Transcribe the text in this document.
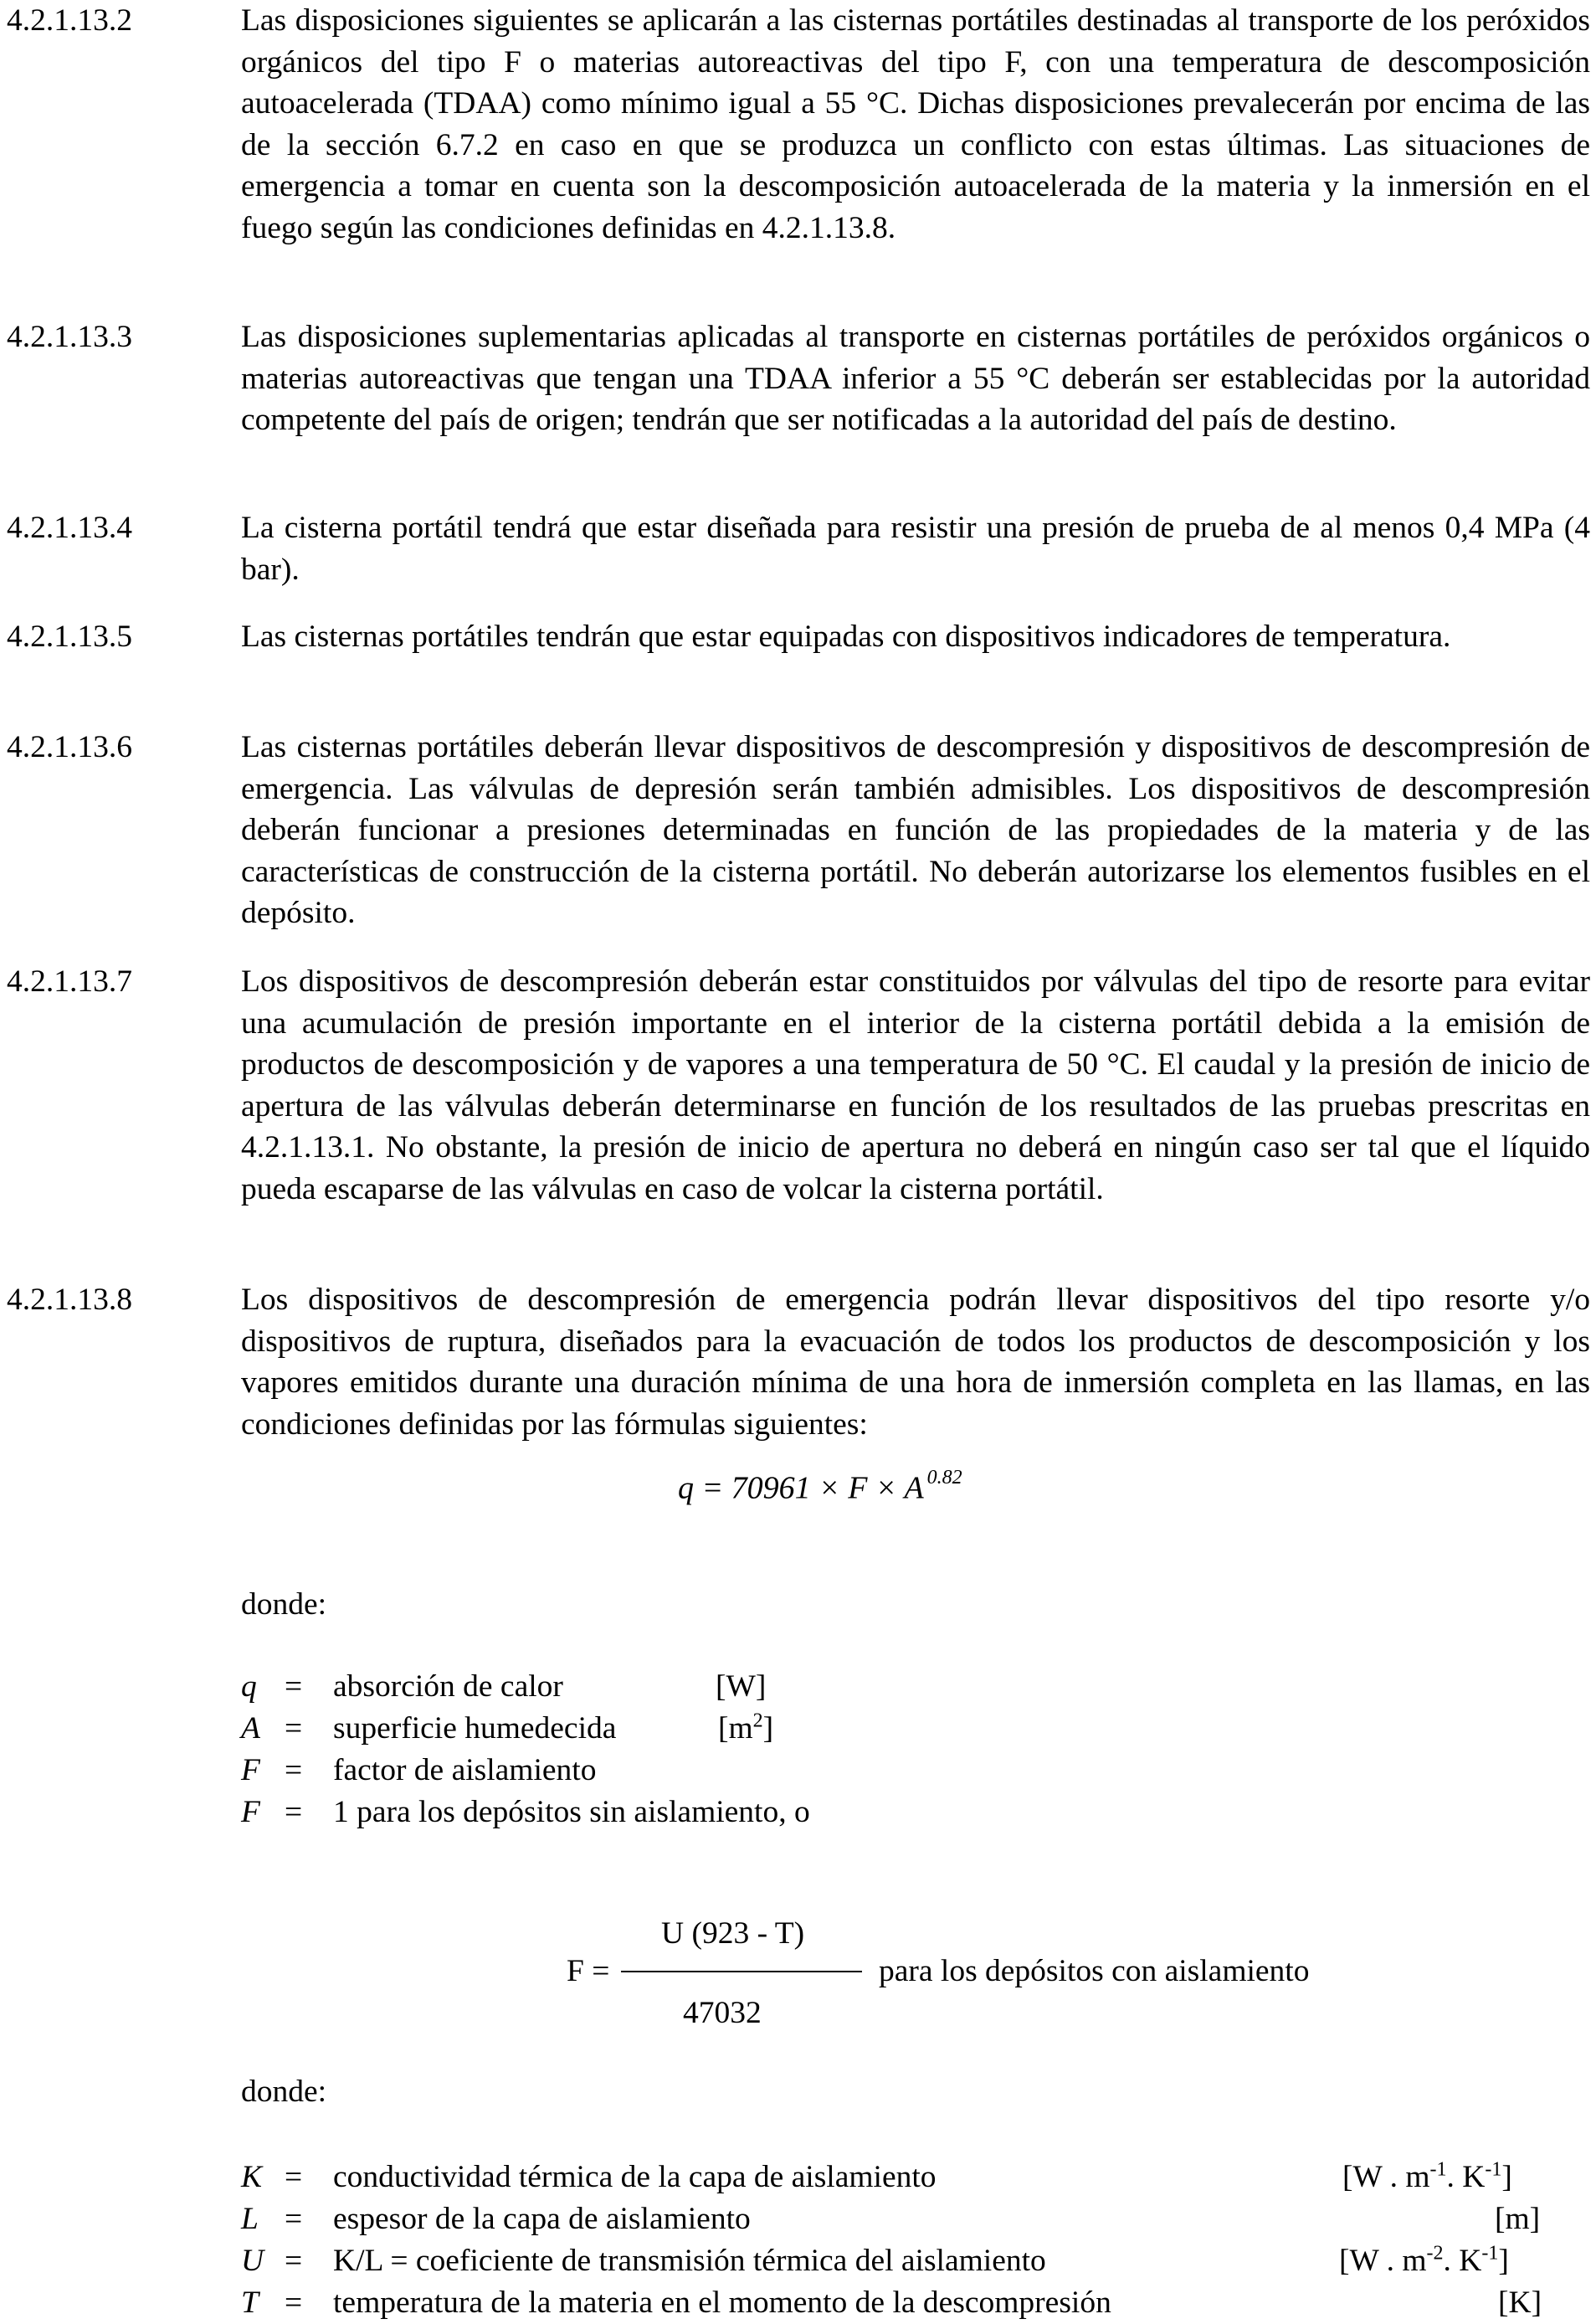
4.2.1.13.2	Las disposiciones siguientes se aplicarán a las cisternas portátiles destinadas al transporte de los peróxidos orgánicos del tipo F o materias autoreactivas del tipo F, con una temperatura de descomposición autoacelerada (TDAA) como mínimo igual a 55 °C. Dichas disposiciones prevalecerán por encima de las de la sección 6.7.2 en caso en que se produzca un conflicto con estas últimas. Las situaciones de emergencia a tomar en cuenta son la descomposición autoacelerada de la materia y la inmersión en el fuego según las condiciones definidas en 4.2.1.13.8.
4.2.1.13.3	Las disposiciones suplementarias aplicadas al transporte en cisternas portátiles de peróxidos orgánicos o materias autoreactivas que tengan una TDAA inferior a 55 °C deberán ser establecidas por la autoridad competente del país de origen; tendrán que ser notificadas a la autoridad del país de destino.
4.2.1.13.4	La cisterna portátil tendrá que estar diseñada para resistir una presión de prueba de al menos 0,4 MPa (4 bar).
4.2.1.13.5	Las cisternas portátiles tendrán que estar equipadas con dispositivos indicadores de temperatura.
4.2.1.13.6	Las cisternas portátiles deberán llevar dispositivos de descompresión y dispositivos de descompresión de emergencia. Las válvulas de depresión serán también admisibles. Los dispositivos de descompresión deberán funcionar a presiones determinadas en función de las propiedades de la materia y de las características de construcción de la cisterna portátil. No deberán autorizarse los elementos fusibles en el depósito.
4.2.1.13.7	Los dispositivos de descompresión deberán estar constituidos por válvulas del tipo de resorte para evitar una acumulación de presión importante en el interior de la cisterna portátil debida a la emisión de productos de descomposición y de vapores a una temperatura de 50 °C. El caudal y la presión de inicio de apertura de las válvulas deberán determinarse en función de los resultados de las pruebas prescritas en 4.2.1.13.1. No obstante, la presión de inicio de apertura no deberá en ningún caso ser tal que el líquido pueda escaparse de las válvulas en caso de volcar la cisterna portátil.
4.2.1.13.8	Los dispositivos de descompresión de emergencia podrán llevar dispositivos del tipo resorte y/o dispositivos de ruptura, diseñados para la evacuación de todos los productos de descomposición y los vapores emitidos durante una duración mínima de una hora de inmersión completa en las llamas, en las condiciones definidas por las fórmulas siguientes:
q = 70961 × F × A $^{0.82}$
donde:
q = absorción de calor	[W]
A = superficie humedecida	$[m^2]$
F = factor de aislamiento
F = 1 para los depósitos sin aislamiento, o
U (923 - T)
F =	para los depósitos con aislamiento
47032
donde:
K = conductividad térmica de la capa de aislamiento	[W . $m^{-1}$. $K^{-1}$]
L = espesor de la capa de aislamiento	[m]
U = K/L = coeficiente de transmisión térmica del aislamiento	[W . $m^{-2}$. $K^{-1}$]
T = temperatura de la materia en el momento de la descompresión	[K]
